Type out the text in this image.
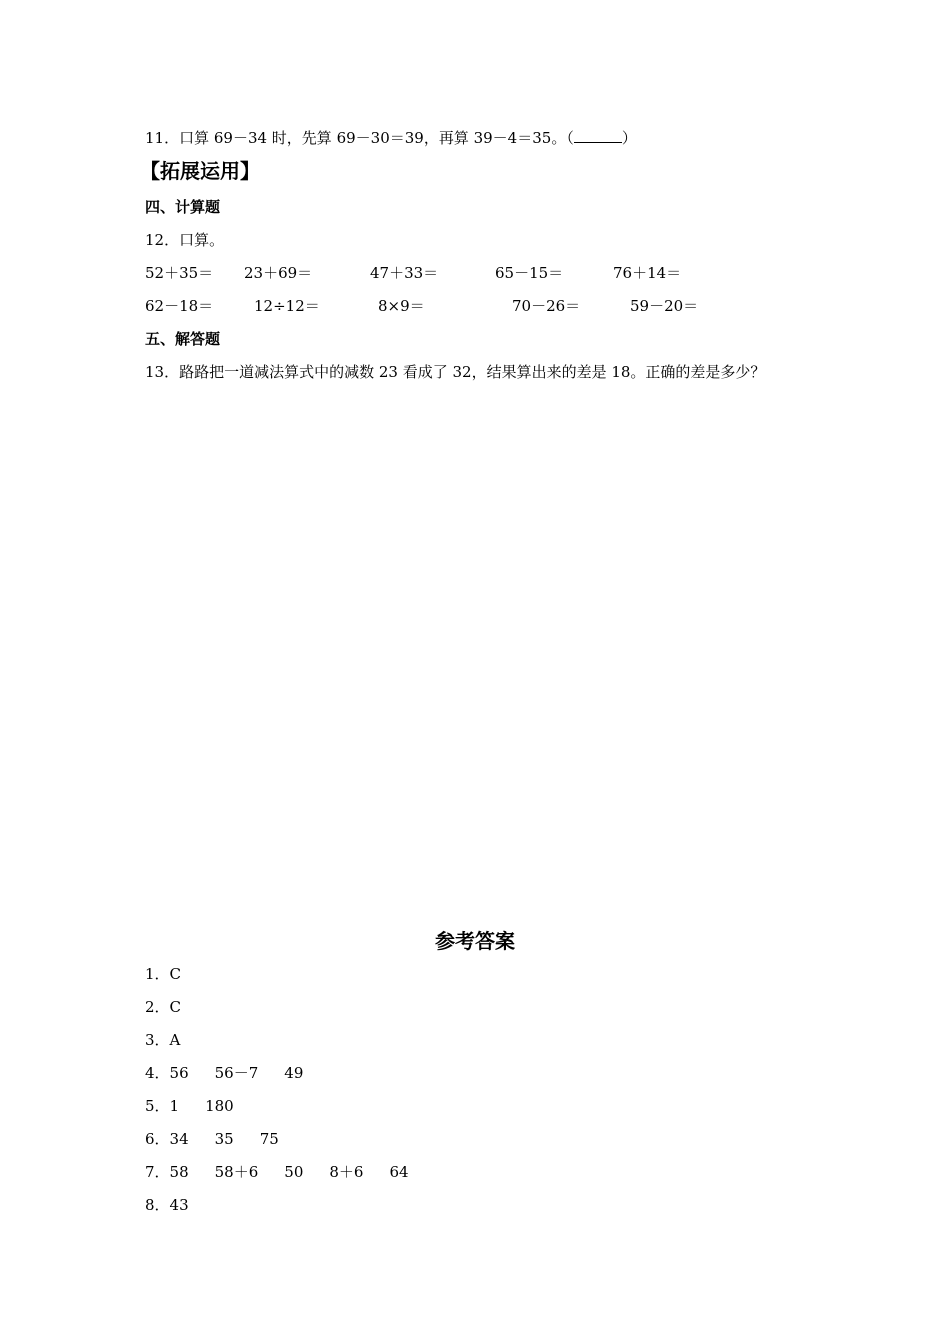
11．口算 69－34 时，先算 69－30＝39，再算 39－4＝35。（	）
【拓展运用】
四、计算题
12．口算。
52＋35＝ 23＋69＝	47＋33＝	65－15＝	76＋14＝
62－18＝	12÷12＝	8×9＝	70－26＝	59－20＝
五、解答题
13．路路把一道减法算式中的减数 23 看成了 32，结果算出来的差是 18。正确的差是多少？
参考答案
1．C
2．C
3．A
4．56 56－7 49
5．1 180
6．34 35 75
7．58 58＋6 50 8＋6 64
8．43
